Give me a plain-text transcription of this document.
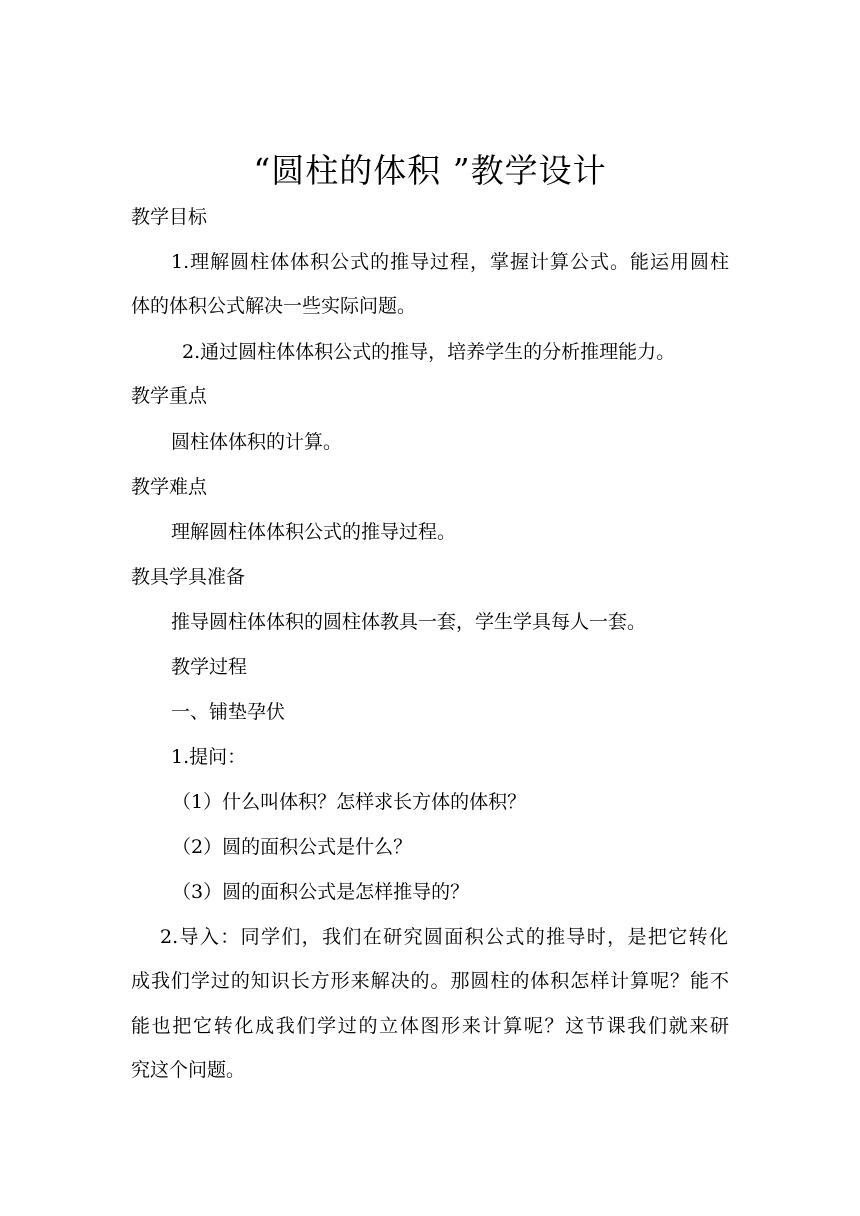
“圆柱的体积 ”教学设计
教学目标
1.理解圆柱体体积公式的推导过程，掌握计算公式。能运用圆柱
体的体积公式解决一些实际问题。
2.通过圆柱体体积公式的推导，培养学生的分析推理能力。
教学重点
圆柱体体积的计算。
教学难点
理解圆柱体体积公式的推导过程。
教具学具准备
推导圆柱体体积的圆柱体教具一套，学生学具每人一套。
教学过程
一、铺垫孕伏
1.提问：
（1）什么叫体积？怎样求长方体的体积？
（2）圆的面积公式是什么？
（3）圆的面积公式是怎样推导的？
2.导入：同学们，我们在研究圆面积公式的推导时，是把它转化
成我们学过的知识长方形来解决的。那圆柱的体积怎样计算呢？能不
能也把它转化成我们学过的立体图形来计算呢？这节课我们就来研
究这个问题。
